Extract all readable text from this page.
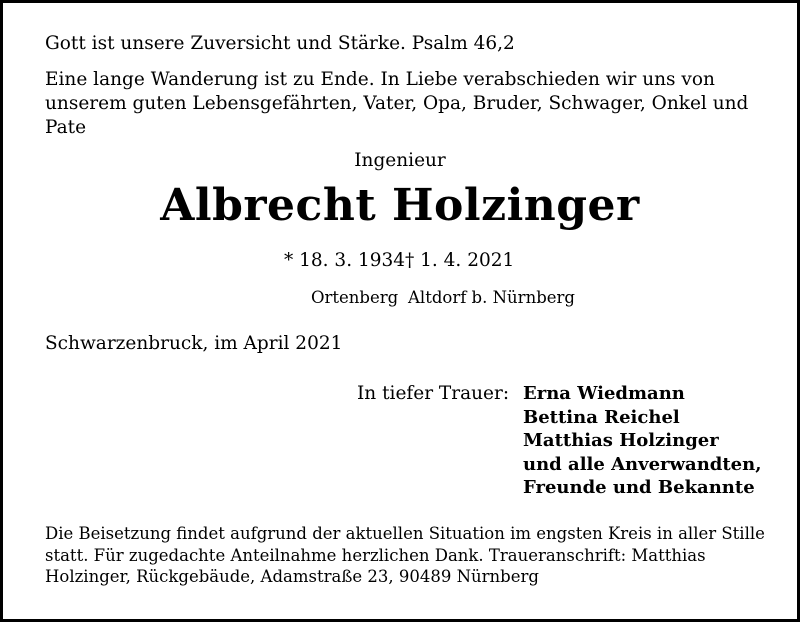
Gott ist unsere Zuversicht und Stärke. Psalm 46,2
Eine lange Wanderung ist zu Ende. In Liebe verabschieden wir uns von unserem guten Lebensgefährten, Vater, Opa, Bruder, Schwager, Onkel und Pate
Ingenieur
Albrecht Holzinger
* 18. 3. 1934 † 1. 4. 2021
Ortenberg Altdorf b. Nürnberg
Schwarzenbruck, im April 2021
In tiefer Trauer: Erna Wiedmann
Bettina Reichel
Matthias Holzinger
und alle Anverwandten,
Freunde und Bekannte
Die Beisetzung findet aufgrund der aktuellen Situation im engsten Kreis in aller Stille statt. Für zugedachte Anteilnahme herzlichen Dank. Traueranschrift: Matthias Holzinger, Rückgebäude, Adamstraße 23, 90489 Nürnberg
